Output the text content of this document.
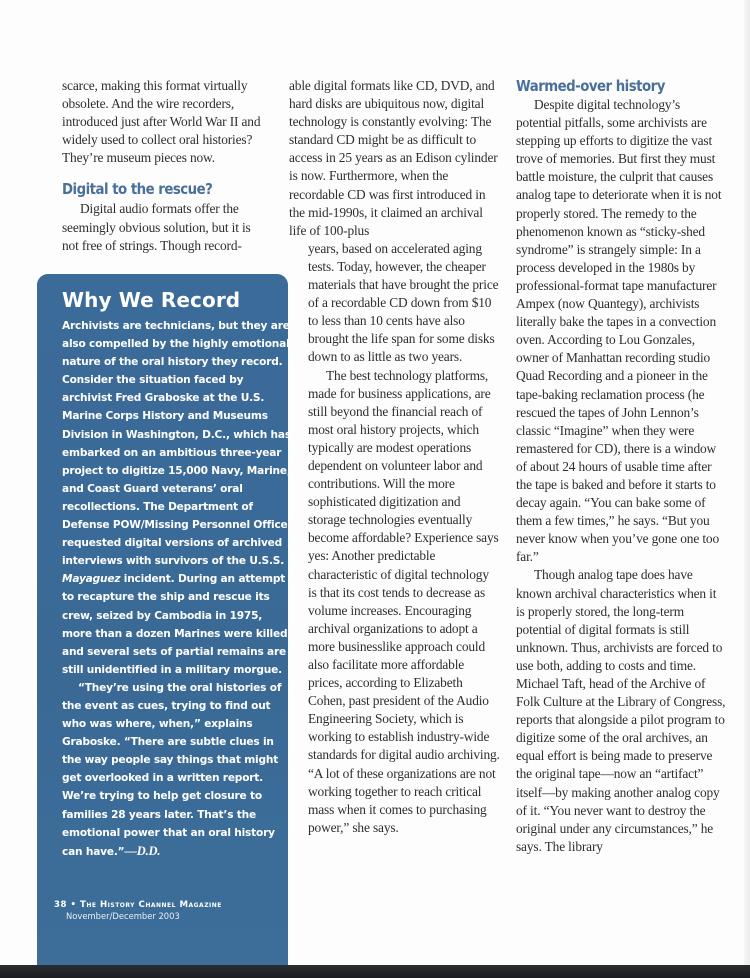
scarce, making this format virtually obsolete. And the wire recorders, introduced just after World War II and widely used to collect oral histories? They’re museum pieces now.

Digital to the rescue?

Digital audio formats offer the seemingly obvious solution, but it is not free of strings. Though record-

able digital formats like CD, DVD, and hard disks are ubiquitous now, digital technology is constantly evolving: The standard CD might be as difficult to access in 25 years as an Edison cylinder is now. Furthermore, when the recordable CD was first introduced in the mid-1990s, it claimed an archival life of 100-plus

years, based on accelerated aging tests. Today, however, the cheaper materials that have brought the price of a recordable CD down from $10 to less than 10 cents have also brought the life span for some disks down to as little as two years.

The best technology platforms, made for business applications, are still beyond the financial reach of most oral history projects, which typically are modest operations dependent on volunteer labor and contributions. Will the more sophisticated digitization and storage technologies eventually become affordable? Experience says yes: Another predictable characteristic of digital technology is that its cost tends to decrease as volume increases. Encouraging archival organizations to adopt a more businesslike approach could also facilitate more affordable prices, according to Elizabeth Cohen, past president of the Audio Engineering Society, which is working to establish industry-wide standards for digital audio archiving. “A lot of these organizations are not working together to reach critical mass when it comes to purchasing power,” she says.

Warmed-over history

Despite digital technology’s potential pitfalls, some archivists are stepping up efforts to digitize the vast trove of memories. But first they must battle moisture, the culprit that causes analog tape to deteriorate when it is not properly stored. The remedy to the phenomenon known as “sticky-shed syndrome” is strangely simple: In a process developed in the 1980s by professional-format tape manufacturer Ampex (now Quantegy), archivists literally bake the tapes in a convection oven. According to Lou Gonzales, owner of Manhattan recording studio Quad Recording and a pioneer in the tape-baking reclamation process (he rescued the tapes of John Lennon’s classic “Imagine” when they were remastered for CD), there is a window of about 24 hours of usable time after the tape is baked and before it starts to decay again. “You can bake some of them a few times,” he says. “But you never know when you’ve gone one too far.”

Though analog tape does have known archival characteristics when it is properly stored, the long-term potential of digital formats is still unknown. Thus, archivists are forced to use both, adding to costs and time. Michael Taft, head of the Archive of Folk Culture at the Library of Congress, reports that alongside a pilot program to digitize some of the oral archives, an equal effort is being made to preserve the original tape—now an “artifact” itself—by making another analog copy of it. “You never want to destroy the original under any circumstances,” he says. The library

Why We Record

Archivists are technicians, but they are also compelled by the highly emotional nature of the oral history they record. Consider the situation faced by archivist Fred Graboske at the U.S. Marine Corps History and Museums Division in Washington, D.C., which has embarked on an ambitious three-year project to digitize 15,000 Navy, Marine, and Coast Guard veterans’ oral recollections. The Department of Defense POW/Missing Personnel Office requested digital versions of archived interviews with survivors of the U.S.S. Mayaguez incident. During an attempt to recapture the ship and rescue its crew, seized by Cambodia in 1975, more than a dozen Marines were killed, and several sets of partial remains are still unidentified in a military morgue.

“They’re using the oral histories of the event as cues, trying to find out who was where, when,” explains Graboske. “There are subtle clues in the way people say things that might get overlooked in a written report. We’re trying to help get closure to families 28 years later. That’s the emotional power that an oral history can have.”—D.D.

38 • The History Channel Magazine
November/December 2003
